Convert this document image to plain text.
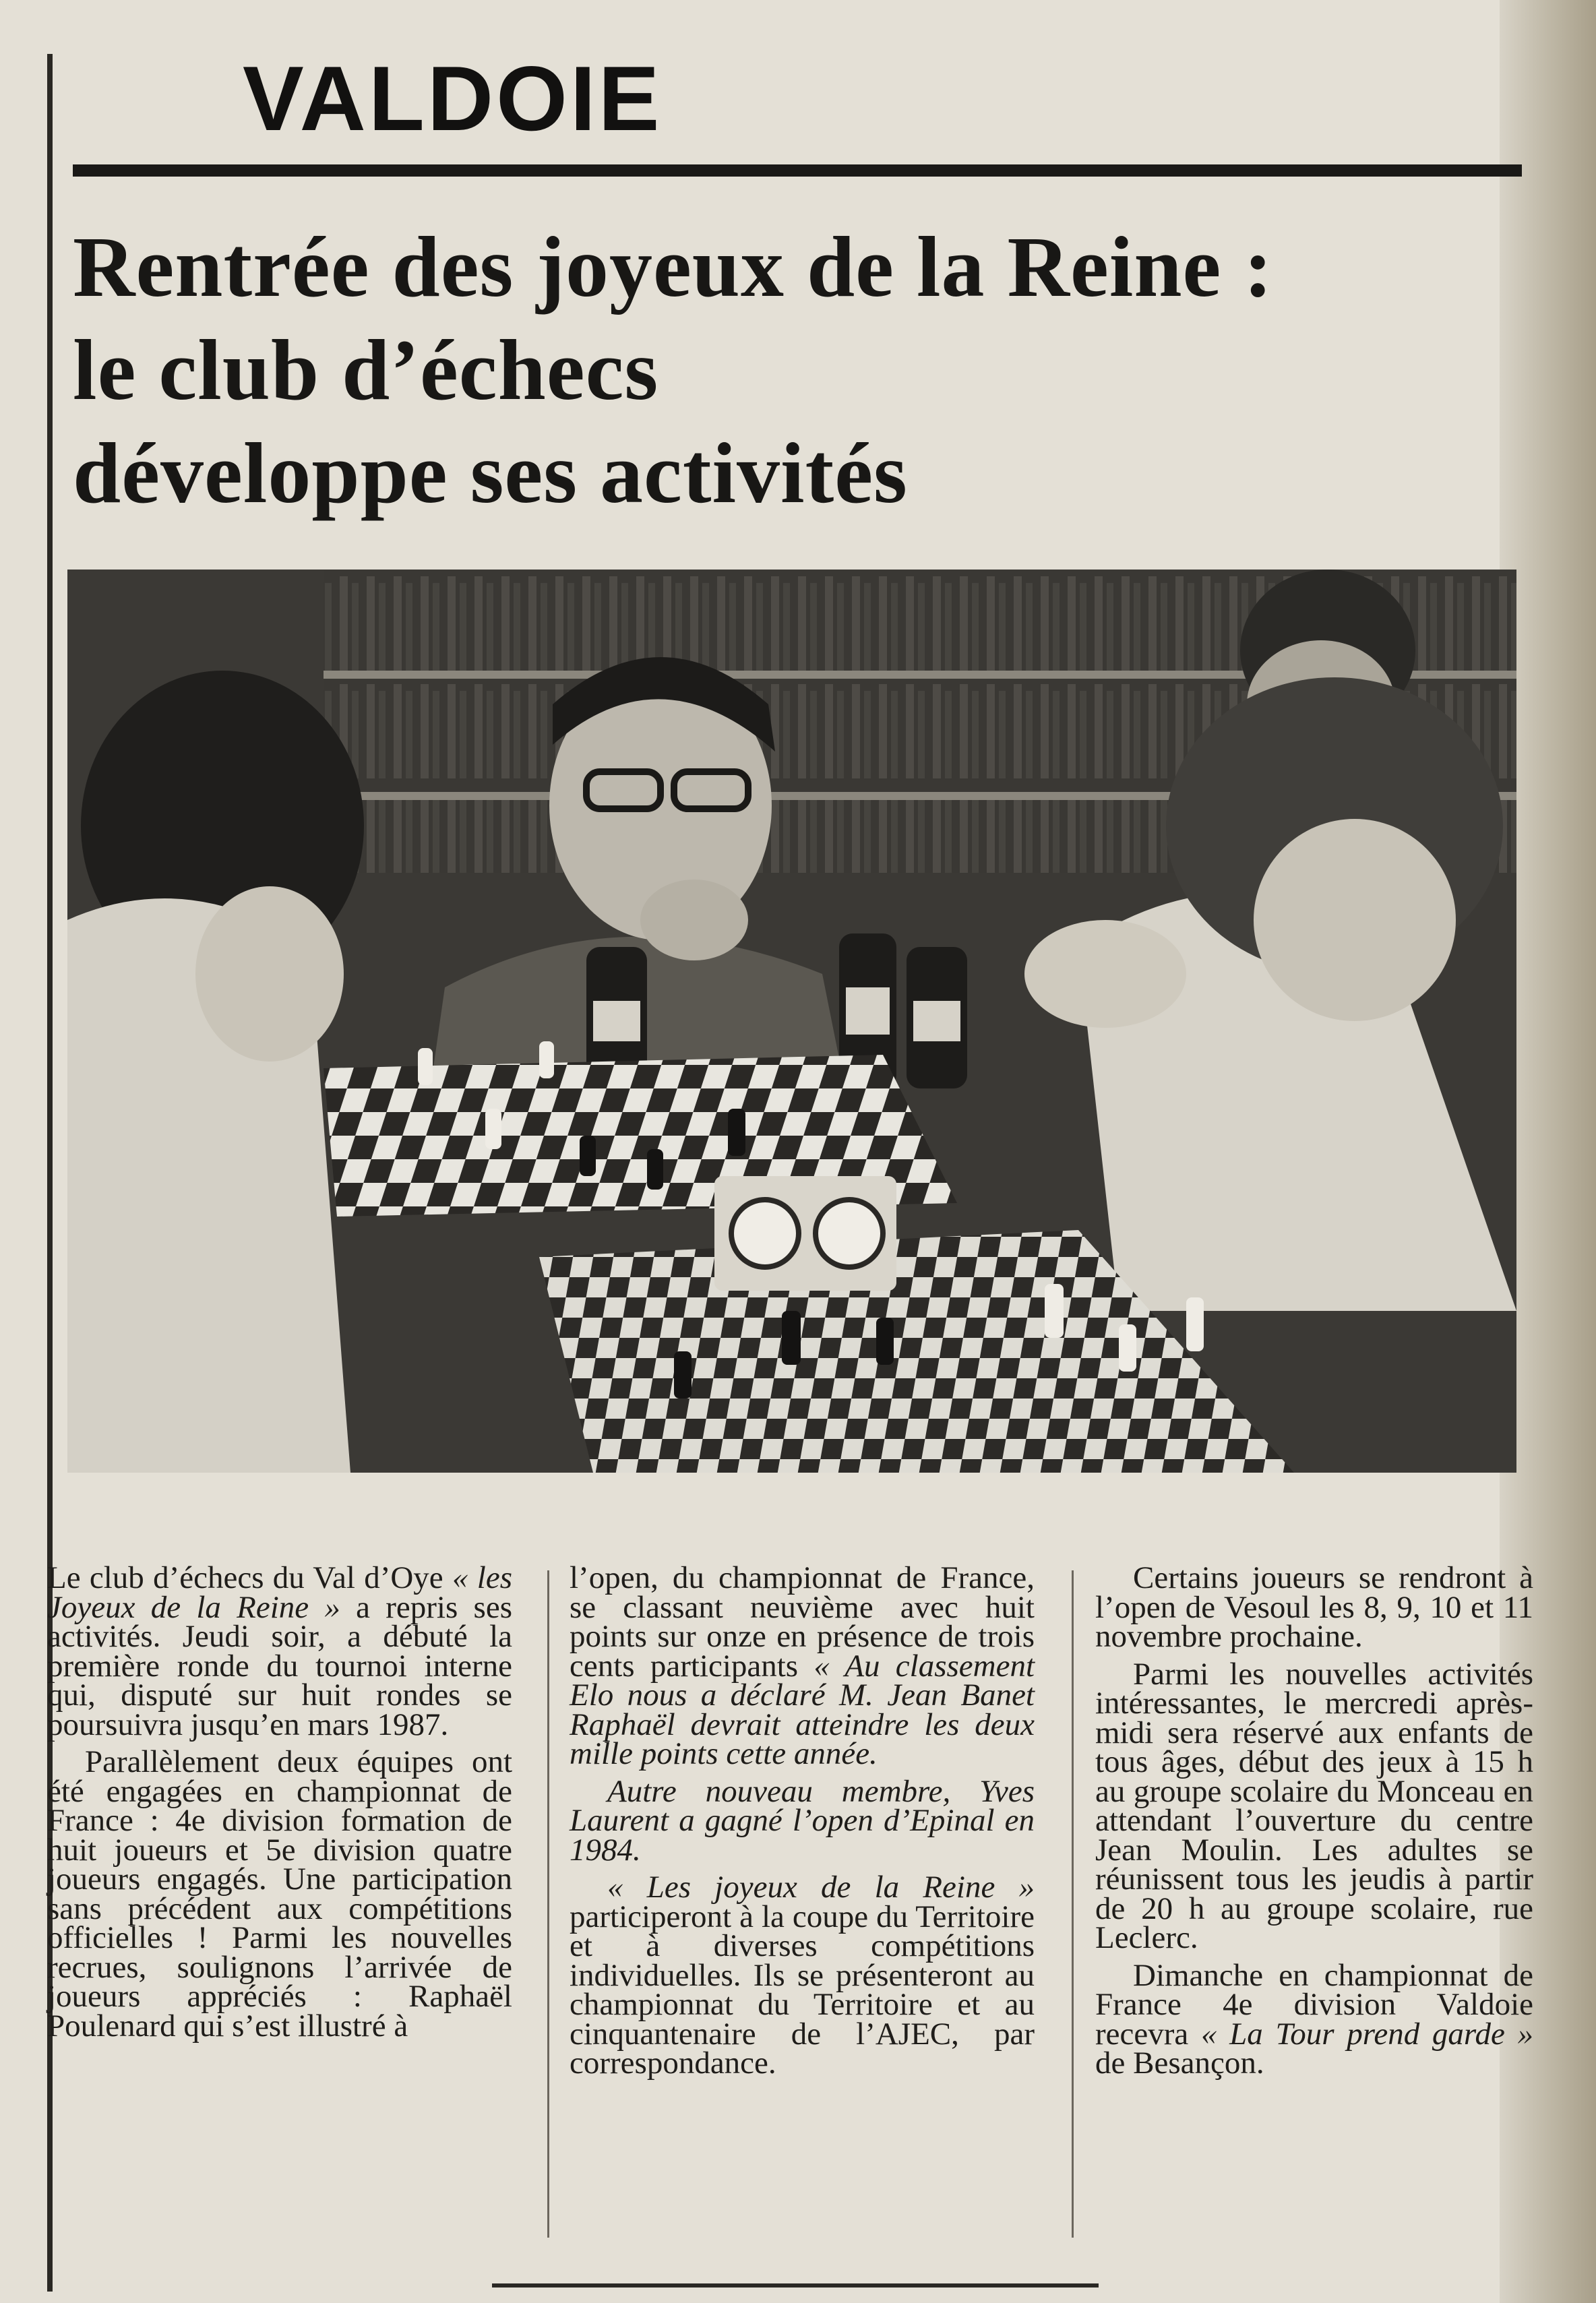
VALDOIE
Rentrée des joyeux de la Reine :
le club d’échecs
développe ses activités

Le club d’échecs du Val d’Oye « les Joyeux de la Reine » a repris ses activités. Jeudi soir, a débuté la première ronde du tournoi interne qui, disputé sur huit rondes se poursuivra jusqu’en mars 1987.

Parallèlement deux équipes ont été engagées en championnat de France : 4e division formation de huit joueurs et 5e division quatre joueurs engagés. Une participation sans précédent aux compétitions officielles ! Parmi les nouvelles recrues, soulignons l’arrivée de joueurs appréciés : Raphaël Poulenard qui s’est illustré à

l’open, du championnat de France, se classant neuvième avec huit points sur onze en présence de trois cents participants « Au classement Elo nous a déclaré M. Jean Banet Raphaël devrait atteindre les deux mille points cette année.

Autre nouveau membre, Yves Laurent a gagné l’open d’Epinal en 1984.

« Les joyeux de la Reine » participeront à la coupe du Territoire et à diverses compétitions individuelles. Ils se présenteront au championnat du Territoire et au cinquantenaire de l’AJEC, par correspondance.

Certains joueurs se rendront à l’open de Vesoul les 8, 9, 10 et 11 novembre prochaine.

Parmi les nouvelles activités intéressantes, le mercredi après-midi sera réservé aux enfants de tous âges, début des jeux à 15 h au groupe scolaire du Monceau en attendant l’ouverture du centre Jean Moulin. Les adultes se réunissent tous les jeudis à partir de 20 h au groupe scolaire, rue Leclerc.

Dimanche en championnat de France 4e division Valdoie recevra « La Tour prend garde » de Besançon.
